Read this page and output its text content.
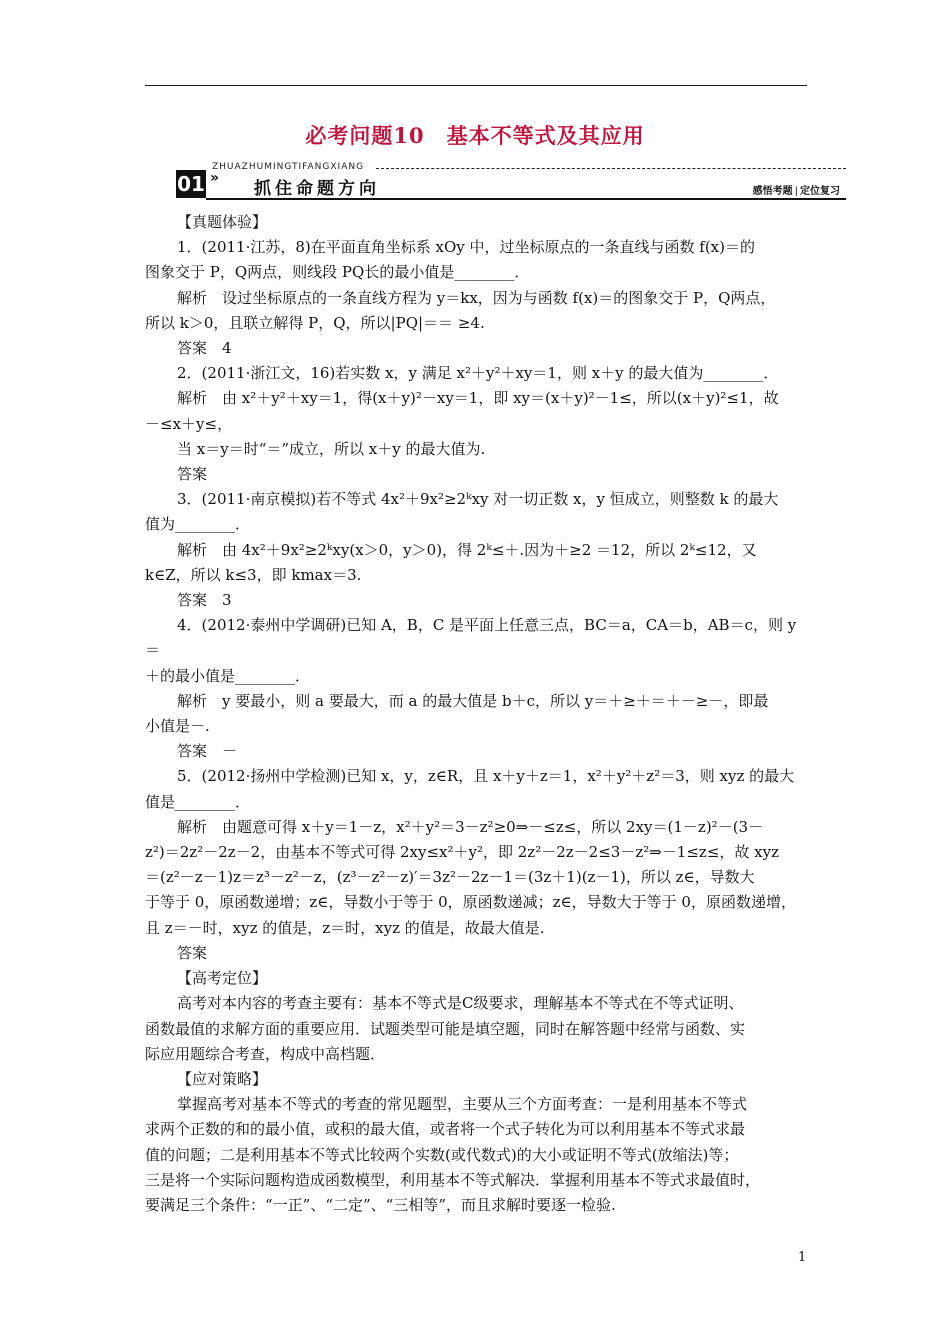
必考问题10　基本不等式及其应用
ZHUAZHUMINGTIFANGXIANG
01 »
抓住命题方向	感悟考题 | 定位复习

【真题体验】

1．(2011·江苏，8)在平面直角坐标系 xOy 中，过坐标原点的一条直线与函数 f(x)＝的

图象交于 P，Q两点，则线段 PQ长的最小值是________．

解析　设过坐标原点的一条直线方程为 y＝kx，因为与函数 f(x)＝的图象交于 P，Q两点，

所以 k＞0，且联立解得 P，Q，所以|PQ|＝＝ ≥4.

答案　4

2．(2011·浙江文，16)若实数 x，y 满足 x²＋y²＋xy＝1，则 x＋y 的最大值为________．

解析　由 x²＋y²＋xy＝1，得(x＋y)²－xy＝1，即 xy＝(x＋y)²－1≤，所以(x＋y)²≤1，故

－≤x＋y≤，

当 x＝y＝时“＝”成立，所以 x＋y 的最大值为.

答案

3．(2011·南京模拟)若不等式 4x²＋9x²≥2ᵏxy 对一切正数 x，y 恒成立，则整数 k 的最大

值为________．

解析　由 4x²＋9x²≥2ᵏxy(x＞0，y＞0)，得 2ᵏ≤＋.因为＋≥2 ＝12，所以 2ᵏ≤12，又

k∈Z，所以 k≤3，即 kmax＝3.

答案　3

4．(2012·泰州中学调研)已知 A，B，C 是平面上任意三点，BC＝a，CA＝b，AB＝c，则 y＝

＋的最小值是________．

解析　y 要最小，则 a 要最大，而 a 的最大值是 b＋c，所以 y＝＋≥＋＝＋－≥－，即最

小值是－.

答案　－

5．(2012·扬州中学检测)已知 x，y，z∈R，且 x＋y＋z＝1，x²＋y²＋z²＝3，则 xyz 的最大

值是________．

解析　由题意可得 x＋y＝1－z，x²＋y²＝3－z²≥0⇒－≤z≤，所以 2xy＝(1－z)²－(3－

z²)＝2z²－2z－2，由基本不等式可得 2xy≤x²＋y²，即 2z²－2z－2≤3－z²⇒－1≤z≤，故 xyz

＝(z²－z－1)z＝z³－z²－z，(z³－z²－z)′＝3z²－2z－1＝(3z＋1)(z－1)，所以 z∈，导数大

于等于 0，原函数递增；z∈，导数小于等于 0，原函数递减；z∈，导数大于等于 0，原函数递增，

且 z＝－时，xyz 的值是，z＝时，xyz 的值是，故最大值是.

答案

【高考定位】

高考对本内容的考查主要有：基本不等式是C级要求，理解基本不等式在不等式证明、

函数最值的求解方面的重要应用．试题类型可能是填空题，同时在解答题中经常与函数、实

际应用题综合考查，构成中高档题．

【应对策略】

掌握高考对基本不等式的考查的常见题型，主要从三个方面考查：一是利用基本不等式

求两个正数的和的最小值，或积的最大值，或者将一个式子转化为可以利用基本不等式求最

值的问题；二是利用基本不等式比较两个实数(或代数式)的大小或证明不等式(放缩法)等；

三是将一个实际问题构造成函数模型，利用基本不等式解决．掌握利用基本不等式求最值时，

要满足三个条件：“一正”、“二定”、“三相等”，而且求解时要逐一检验.

1
